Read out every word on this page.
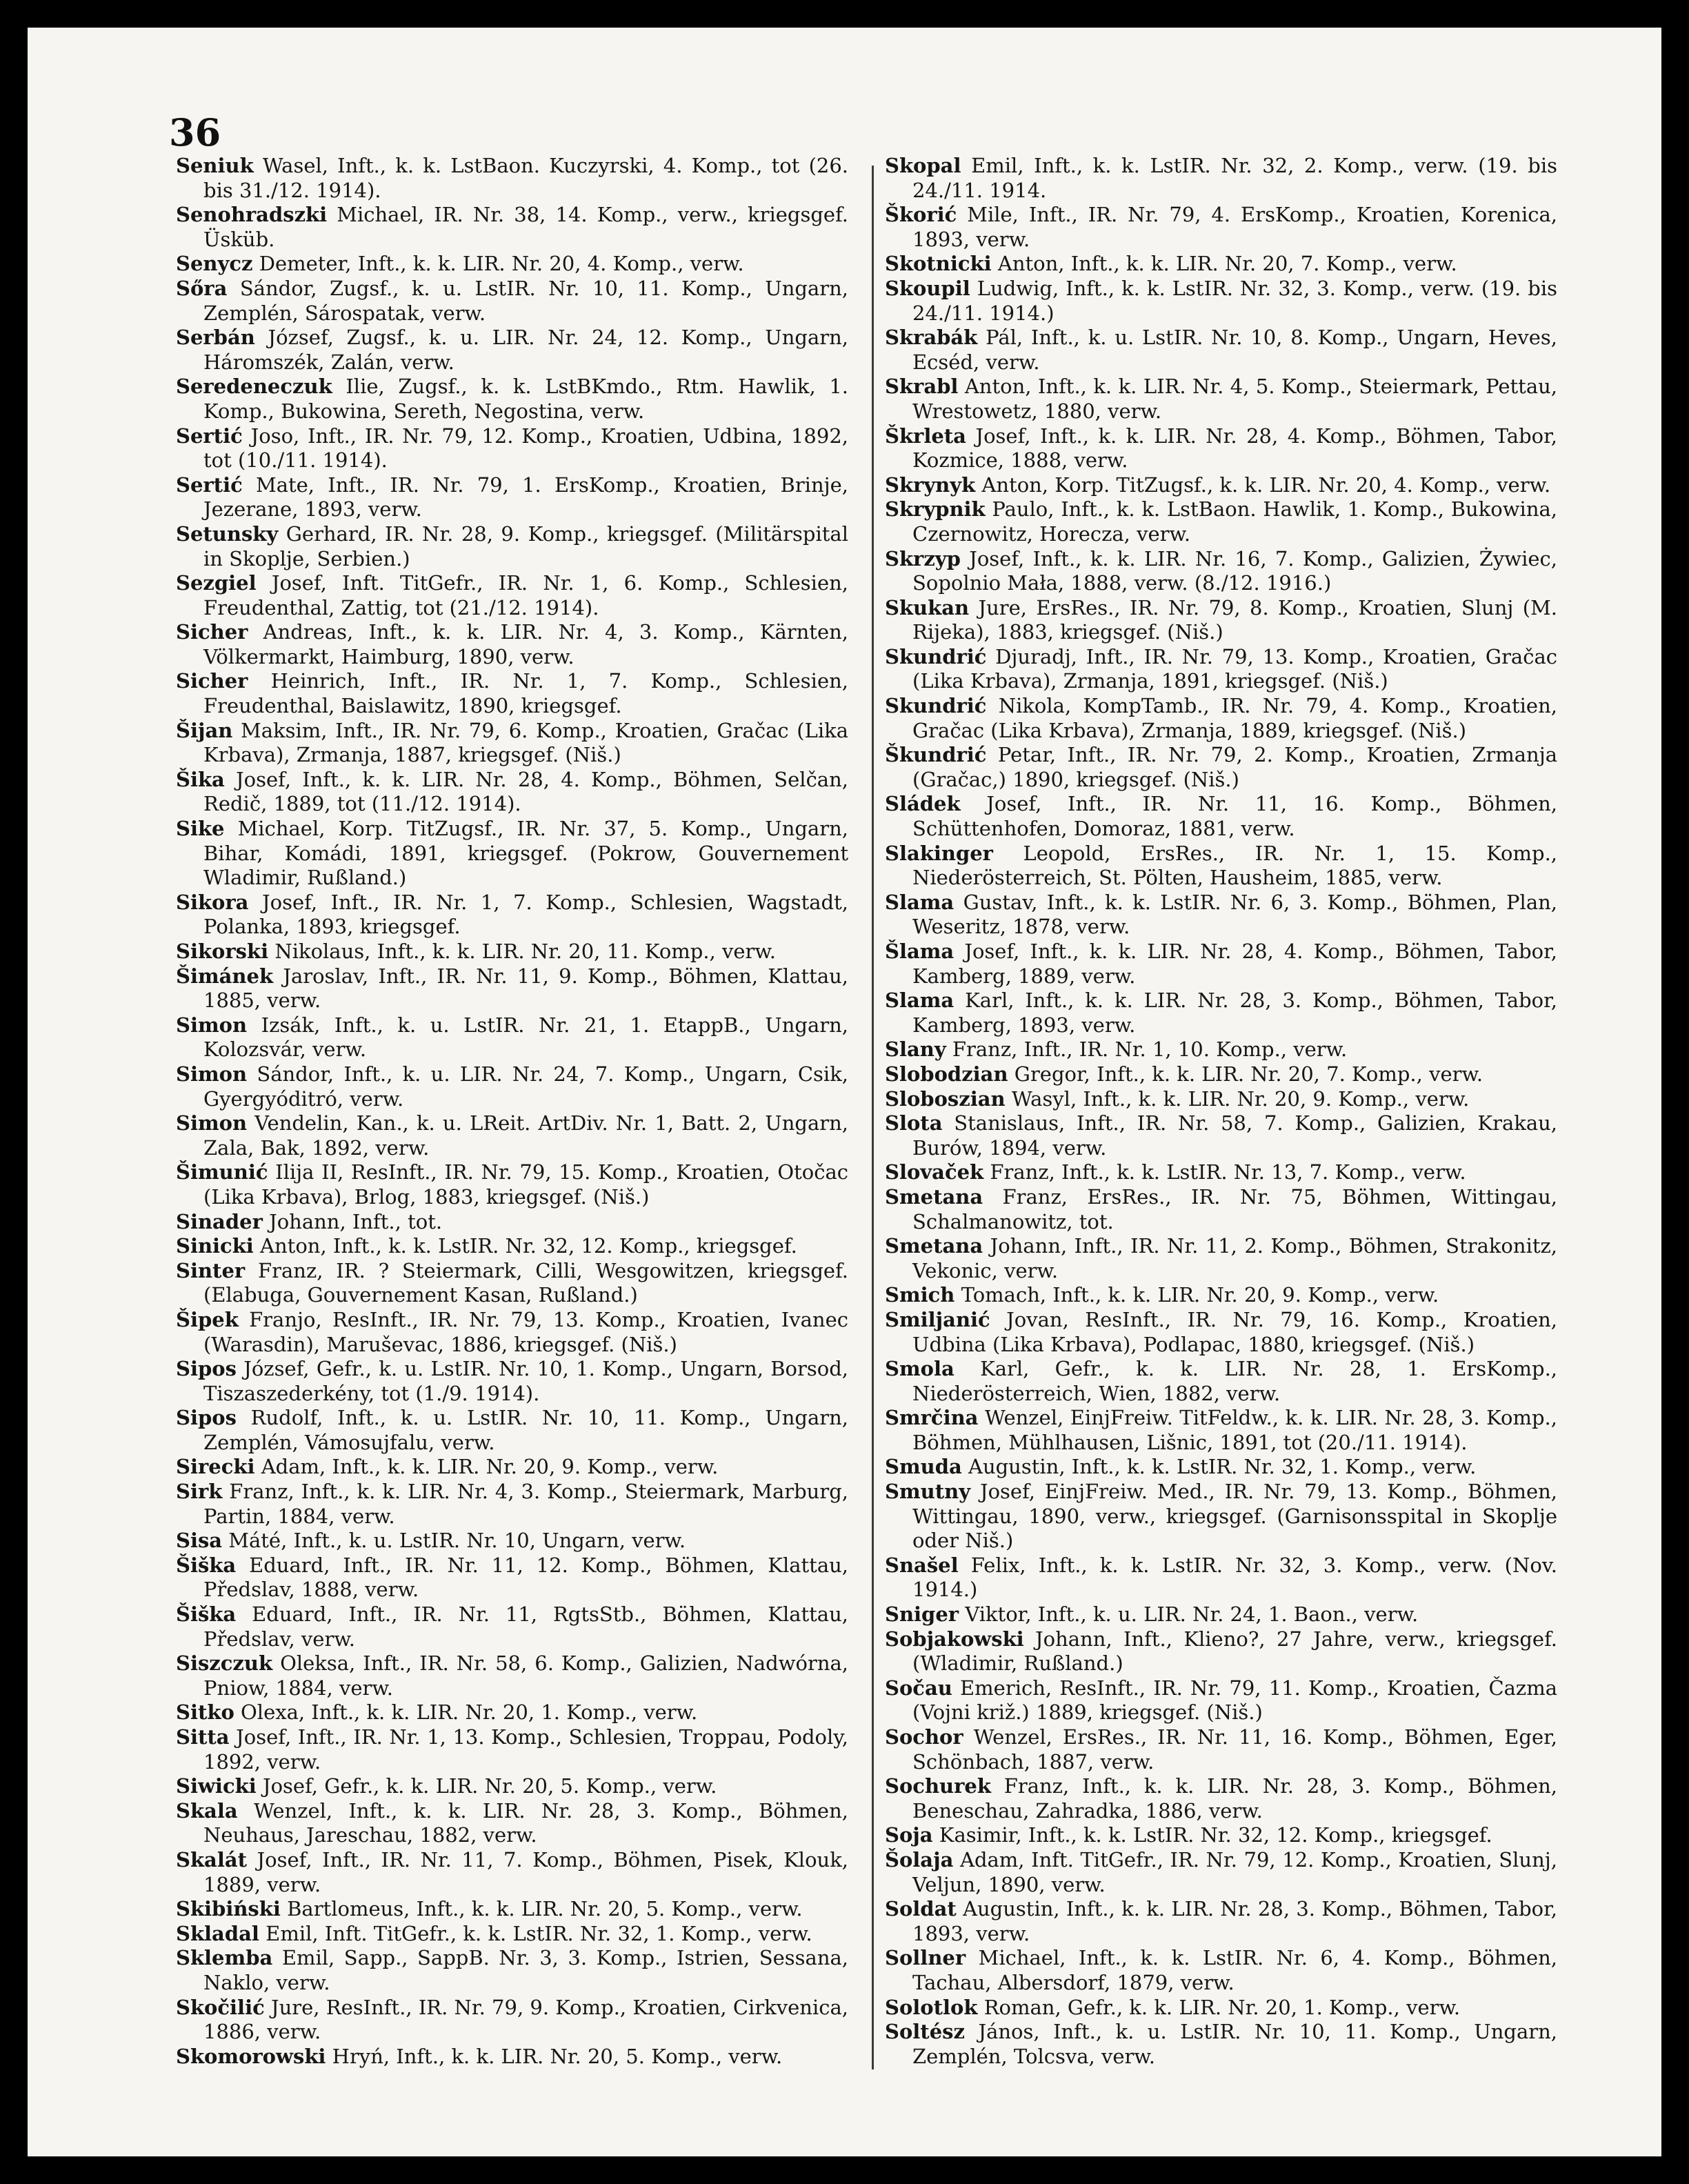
36

Seniuk Wasel, Inft., k. k. LstBaon. Kuczyrski, 4. Komp., tot (26. bis 31./12. 1914).

Senohradszki Michael, IR. Nr. 38, 14. Komp., verw., kriegsgef. Üsküb.

Senycz Demeter, Inft., k. k. LIR. Nr. 20, 4. Komp., verw.

Sőra Sándor, Zugsf., k. u. LstIR. Nr. 10, 11. Komp., Ungarn, Zemplén, Sárospatak, verw.

Serbán József, Zugsf., k. u. LIR. Nr. 24, 12. Komp., Ungarn, Háromszék, Zalán, verw.

Seredeneczuk Ilie, Zugsf., k. k. LstBKmdo., Rtm. Hawlik, 1. Komp., Bukowina, Sereth, Negostina, verw.

Sertić Joso, Inft., IR. Nr. 79, 12. Komp., Kroatien, Udbina, 1892, tot (10./11. 1914).

Sertić Mate, Inft., IR. Nr. 79, 1. ErsKomp., Kroatien, Brinje, Jezerane, 1893, verw.

Setunsky Gerhard, IR. Nr. 28, 9. Komp., kriegsgef. (Militärspital in Skoplje, Serbien.)

Sezgiel Josef, Inft. TitGefr., IR. Nr. 1, 6. Komp., Schlesien, Freudenthal, Zattig, tot (21./12. 1914).

Sicher Andreas, Inft., k. k. LIR. Nr. 4, 3. Komp., Kärnten, Völkermarkt, Haimburg, 1890, verw.

Sicher Heinrich, Inft., IR. Nr. 1, 7. Komp., Schlesien, Freudenthal, Baislawitz, 1890, kriegsgef.

Šijan Maksim, Inft., IR. Nr. 79, 6. Komp., Kroatien, Gračac (Lika Krbava), Zrmanja, 1887, kriegsgef. (Niš.)

Šika Josef, Inft., k. k. LIR. Nr. 28, 4. Komp., Böhmen, Selčan, Redič, 1889, tot (11./12. 1914).

Sike Michael, Korp. TitZugsf., IR. Nr. 37, 5. Komp., Ungarn, Bihar, Komádi, 1891, kriegsgef. (Pokrow, Gouvernement Wladimir, Rußland.)

Sikora Josef, Inft., IR. Nr. 1, 7. Komp., Schlesien, Wagstadt, Polanka, 1893, kriegsgef.

Sikorski Nikolaus, Inft., k. k. LIR. Nr. 20, 11. Komp., verw.

Šimánek Jaroslav, Inft., IR. Nr. 11, 9. Komp., Böhmen, Klattau, 1885, verw.

Simon Izsák, Inft., k. u. LstIR. Nr. 21, 1. EtappB., Ungarn, Kolozsvár, verw.

Simon Sándor, Inft., k. u. LIR. Nr. 24, 7. Komp., Ungarn, Csik, Gyergyóditró, verw.

Simon Vendelin, Kan., k. u. LReit. ArtDiv. Nr. 1, Batt. 2, Ungarn, Zala, Bak, 1892, verw.

Šimunić Ilija II, ResInft., IR. Nr. 79, 15. Komp., Kroatien, Otočac (Lika Krbava), Brlog, 1883, kriegsgef. (Niš.)

Sinader Johann, Inft., tot.

Sinicki Anton, Inft., k. k. LstIR. Nr. 32, 12. Komp., kriegsgef.

Sinter Franz, IR. ? Steiermark, Cilli, Wesgowitzen, kriegsgef. (Elabuga, Gouvernement Kasan, Rußland.)

Šipek Franjo, ResInft., IR. Nr. 79, 13. Komp., Kroatien, Ivanec (Warasdin), Maruševac, 1886, kriegsgef. (Niš.)

Sipos József, Gefr., k. u. LstIR. Nr. 10, 1. Komp., Ungarn, Borsod, Tiszaszederkény, tot (1./9. 1914).

Sipos Rudolf, Inft., k. u. LstIR. Nr. 10, 11. Komp., Ungarn, Zemplén, Vámosujfalu, verw.

Sirecki Adam, Inft., k. k. LIR. Nr. 20, 9. Komp., verw.

Sirk Franz, Inft., k. k. LIR. Nr. 4, 3. Komp., Steiermark, Marburg, Partin, 1884, verw.

Sisa Máté, Inft., k. u. LstIR. Nr. 10, Ungarn, verw.

Šiška Eduard, Inft., IR. Nr. 11, 12. Komp., Böhmen, Klattau, Předslav, 1888, verw.

Šiška Eduard, Inft., IR. Nr. 11, RgtsStb., Böhmen, Klattau, Předslav, verw.

Siszczuk Oleksa, Inft., IR. Nr. 58, 6. Komp., Galizien, Nadwórna, Pniow, 1884, verw.

Sitko Olexa, Inft., k. k. LIR. Nr. 20, 1. Komp., verw.

Sitta Josef, Inft., IR. Nr. 1, 13. Komp., Schlesien, Troppau, Podoly, 1892, verw.

Siwicki Josef, Gefr., k. k. LIR. Nr. 20, 5. Komp., verw.

Skala Wenzel, Inft., k. k. LIR. Nr. 28, 3. Komp., Böhmen, Neuhaus, Jareschau, 1882, verw.

Skalát Josef, Inft., IR. Nr. 11, 7. Komp., Böhmen, Pisek, Klouk, 1889, verw.

Skibiński Bartlomeus, Inft., k. k. LIR. Nr. 20, 5. Komp., verw.

Skladal Emil, Inft. TitGefr., k. k. LstIR. Nr. 32, 1. Komp., verw.

Sklemba Emil, Sapp., SappB. Nr. 3, 3. Komp., Istrien, Sessana, Naklo, verw.

Skočilić Jure, ResInft., IR. Nr. 79, 9. Komp., Kroatien, Cirkvenica, 1886, verw.

Skomorowski Hryń, Inft., k. k. LIR. Nr. 20, 5. Komp., verw.

Skopal Emil, Inft., k. k. LstIR. Nr. 32, 2. Komp., verw. (19. bis 24./11. 1914.

Škorić Mile, Inft., IR. Nr. 79, 4. ErsKomp., Kroatien, Korenica, 1893, verw.

Skotnicki Anton, Inft., k. k. LIR. Nr. 20, 7. Komp., verw.

Skoupil Ludwig, Inft., k. k. LstIR. Nr. 32, 3. Komp., verw. (19. bis 24./11. 1914.)

Skrabák Pál, Inft., k. u. LstIR. Nr. 10, 8. Komp., Ungarn, Heves, Ecséd, verw.

Skrabl Anton, Inft., k. k. LIR. Nr. 4, 5. Komp., Steiermark, Pettau, Wrestowetz, 1880, verw.

Škrleta Josef, Inft., k. k. LIR. Nr. 28, 4. Komp., Böhmen, Tabor, Kozmice, 1888, verw.

Skrynyk Anton, Korp. TitZugsf., k. k. LIR. Nr. 20, 4. Komp., verw.

Skrypnik Paulo, Inft., k. k. LstBaon. Hawlik, 1. Komp., Bukowina, Czernowitz, Horecza, verw.

Skrzyp Josef, Inft., k. k. LIR. Nr. 16, 7. Komp., Galizien, Żywiec, Sopolnio Mała, 1888, verw. (8./12. 1916.)

Skukan Jure, ErsRes., IR. Nr. 79, 8. Komp., Kroatien, Slunj (M. Rijeka), 1883, kriegsgef. (Niš.)

Skundrić Djuradj, Inft., IR. Nr. 79, 13. Komp., Kroatien, Gračac (Lika Krbava), Zrmanja, 1891, kriegsgef. (Niš.)

Skundrić Nikola, KompTamb., IR. Nr. 79, 4. Komp., Kroatien, Gračac (Lika Krbava), Zrmanja, 1889, kriegsgef. (Niš.)

Škundrić Petar, Inft., IR. Nr. 79, 2. Komp., Kroatien, Zrmanja (Gračac,) 1890, kriegsgef. (Niš.)

Sládek Josef, Inft., IR. Nr. 11, 16. Komp., Böhmen, Schüttenhofen, Domoraz, 1881, verw.

Slakinger Leopold, ErsRes., IR. Nr. 1, 15. Komp., Niederösterreich, St. Pölten, Hausheim, 1885, verw.

Slama Gustav, Inft., k. k. LstIR. Nr. 6, 3. Komp., Böhmen, Plan, Weseritz, 1878, verw.

Šlama Josef, Inft., k. k. LIR. Nr. 28, 4. Komp., Böhmen, Tabor, Kamberg, 1889, verw.

Slama Karl, Inft., k. k. LIR. Nr. 28, 3. Komp., Böhmen, Tabor, Kamberg, 1893, verw.

Slany Franz, Inft., IR. Nr. 1, 10. Komp., verw.

Slobodzian Gregor, Inft., k. k. LIR. Nr. 20, 7. Komp., verw.

Sloboszian Wasyl, Inft., k. k. LIR. Nr. 20, 9. Komp., verw.

Slota Stanislaus, Inft., IR. Nr. 58, 7. Komp., Galizien, Krakau, Burów, 1894, verw.

Slovaček Franz, Inft., k. k. LstIR. Nr. 13, 7. Komp., verw.

Smetana Franz, ErsRes., IR. Nr. 75, Böhmen, Wittingau, Schalmanowitz, tot.

Smetana Johann, Inft., IR. Nr. 11, 2. Komp., Böhmen, Strakonitz, Vekonic, verw.

Smich Tomach, Inft., k. k. LIR. Nr. 20, 9. Komp., verw.

Smiljanić Jovan, ResInft., IR. Nr. 79, 16. Komp., Kroatien, Udbina (Lika Krbava), Podlapac, 1880, kriegsgef. (Niš.)

Smola Karl, Gefr., k. k. LIR. Nr. 28, 1. ErsKomp., Niederösterreich, Wien, 1882, verw.

Smrčina Wenzel, EinjFreiw. TitFeldw., k. k. LIR. Nr. 28, 3. Komp., Böhmen, Mühlhausen, Lišnic, 1891, tot (20./11. 1914).

Smuda Augustin, Inft., k. k. LstIR. Nr. 32, 1. Komp., verw.

Smutny Josef, EinjFreiw. Med., IR. Nr. 79, 13. Komp., Böhmen, Wittingau, 1890, verw., kriegsgef. (Garnisonsspital in Skoplje oder Niš.)

Snašel Felix, Inft., k. k. LstIR. Nr. 32, 3. Komp., verw. (Nov. 1914.)

Sniger Viktor, Inft., k. u. LIR. Nr. 24, 1. Baon., verw.

Sobjakowski Johann, Inft., Klieno?, 27 Jahre, verw., kriegsgef. (Wladimir, Rußland.)

Sočau Emerich, ResInft., IR. Nr. 79, 11. Komp., Kroatien, Čazma (Vojni križ.) 1889, kriegsgef. (Niš.)

Sochor Wenzel, ErsRes., IR. Nr. 11, 16. Komp., Böhmen, Eger, Schönbach, 1887, verw.

Sochurek Franz, Inft., k. k. LIR. Nr. 28, 3. Komp., Böhmen, Beneschau, Zahradka, 1886, verw.

Soja Kasimir, Inft., k. k. LstIR. Nr. 32, 12. Komp., kriegsgef.

Šolaja Adam, Inft. TitGefr., IR. Nr. 79, 12. Komp., Kroatien, Slunj, Veljun, 1890, verw.

Soldat Augustin, Inft., k. k. LIR. Nr. 28, 3. Komp., Böhmen, Tabor, 1893, verw.

Sollner Michael, Inft., k. k. LstIR. Nr. 6, 4. Komp., Böhmen, Tachau, Albersdorf, 1879, verw.

Solotlok Roman, Gefr., k. k. LIR. Nr. 20, 1. Komp., verw.

Soltész János, Inft., k. u. LstIR. Nr. 10, 11. Komp., Ungarn, Zemplén, Tolcsva, verw.
